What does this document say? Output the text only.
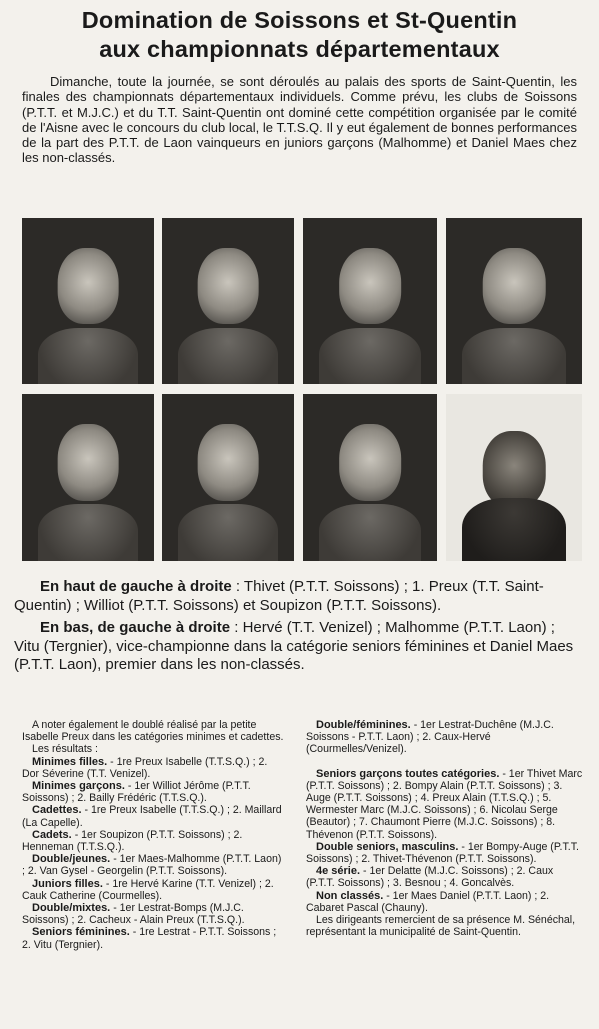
Domination de Soissons et St-Quentin
aux championnats départementaux

Dimanche, toute la journée, se sont déroulés au palais des sports de Saint-Quentin, les finales des championnats départementaux individuels. Comme prévu, les clubs de Soissons (P.T.T. et M.J.C.) et du T.T. Saint-Quentin ont dominé cette compétition organisée par le comité de l'Aisne avec le concours du club local, le T.T.S.Q. Il y eut également de bonnes performances de la part des P.T.T. de Laon vainqueurs en juniors garçons (Malhomme) et Daniel Maes chez les non-classés.

En haut de gauche à droite : Thivet (P.T.T. Soissons) ; 1. Preux (T.T. Saint-Quentin) ; Williot (P.T.T. Soissons) et Soupizon (P.T.T. Soissons).

En bas, de gauche à droite : Hervé (T.T. Venizel) ; Malhomme (P.T.T. Laon) ; Vitu (Tergnier), vice-championne dans la catégorie seniors féminines et Daniel Maes (P.T.T. Laon), premier dans les non-classés.

A noter également le doublé réalisé par la petite Isabelle Preux dans les catégories minimes et cadettes.

Les résultats :

Minimes filles. - 1re Preux Isabelle (T.T.S.Q.) ; 2. Dor Séverine (T.T. Venizel).

Minimes garçons. - 1er Williot Jérôme (P.T.T. Soissons) ; 2. Bailly Frédéric (T.T.S.Q.).

Cadettes. - 1re Preux Isabelle (T.T.S.Q.) ; 2. Maillard (La Capelle).

Cadets. - 1er Soupizon (P.T.T. Soissons) ; 2. Henneman (T.T.S.Q.).

Double/jeunes. - 1er Maes-Malhomme (P.T.T. Laon) ; 2. Van Gysel - Georgelin (P.T.T. Soissons).

Juniors filles. - 1re Hervé Karine (T.T. Venizel) ; 2. Cauk Catherine (Courmelles).

Double/mixtes. - 1er Lestrat-Bomps (M.J.C. Soissons) ; 2. Cacheux - Alain Preux (T.T.S.Q.).

Seniors féminines. - 1re Lestrat - P.T.T. Soissons ; 2. Vitu (Tergnier).

Double/féminines. - 1er Lestrat-Duchêne (M.J.C. Soissons - P.T.T. Laon) ; 2. Caux-Hervé (Courmelles/Venizel).

Seniors garçons toutes catégories. - 1er Thivet Marc (P.T.T. Soissons) ; 2. Bompy Alain (P.T.T. Soissons) ; 3. Auge (P.T.T. Soissons) ; 4. Preux Alain (T.T.S.Q.) ; 5. Wermester Marc (M.J.C. Soissons) ; 6. Nicolau Serge (Beautor) ; 7. Chaumont Pierre (M.J.C. Soissons) ; 8. Thévenon (P.T.T. Soissons).

Double seniors, masculins. - 1er Bompy-Auge (P.T.T. Soissons) ; 2. Thivet-Thévenon (P.T.T. Soissons).

4e série. - 1er Delatte (M.J.C. Soissons) ; 2. Caux (P.T.T. Soissons) ; 3. Besnou ; 4. Goncalvès.

Non classés. - 1er Maes Daniel (P.T.T. Laon) ; 2. Cabaret Pascal (Chauny).

Les dirigeants remercient de sa présence M. Sénéchal, représentant la municipalité de Saint-Quentin.
